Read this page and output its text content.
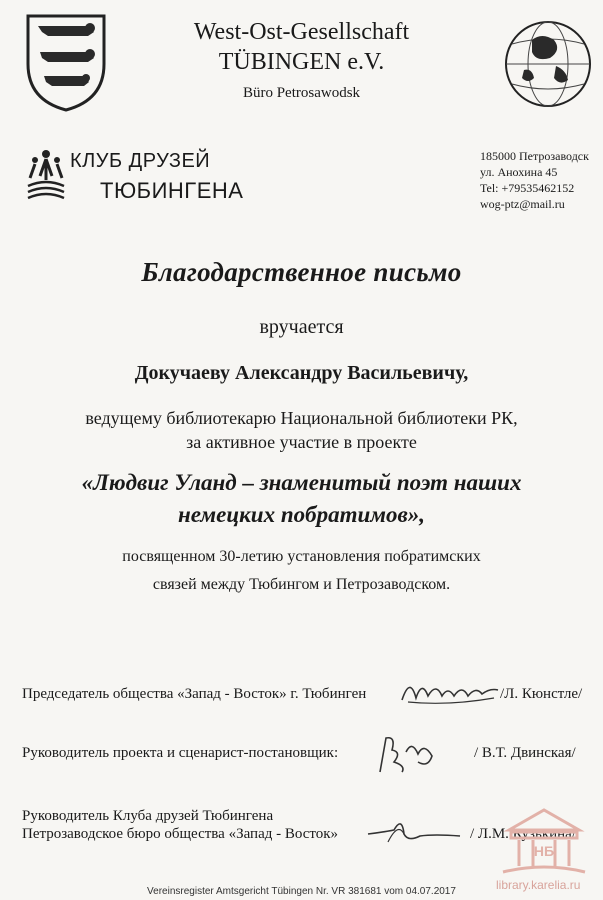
West-Ost-Gesellschaft
TÜBINGEN e.V.
Büro Petrosawodsk
КЛУБ ДРУЗЕЙ
ТЮБИНГЕНА
185000 Петрозаводск
ул. Анохина 45
Tel: +79535462152
wog-ptz@mail.ru
Благодарственное письмо
вручается
Докучаеву Александру Васильевичу,
ведущему библиотекарю Национальной библиотеки РК,
за активное участие в проекте
«Людвиг Уланд – знаменитый поэт наших
немецких побратимов»,
посвященном 30-летию установления побратимских
связей между Тюбингом и Петрозаводском.
Председатель общества «Запад - Восток» г. Тюбинген	/Л. Кюнстле/
Руководитель проекта и сценарист-постановщик:	/ В.Т. Двинская/
Руководитель Клуба друзей Тюбингена
Петрозаводское бюро общества «Запад - Восток»	/ Л.М. Кузькина/
НБ
library.karelia.ru
Vereinsregister Amtsgericht Tübingen Nr. VR 381681 vom 04.07.2017
